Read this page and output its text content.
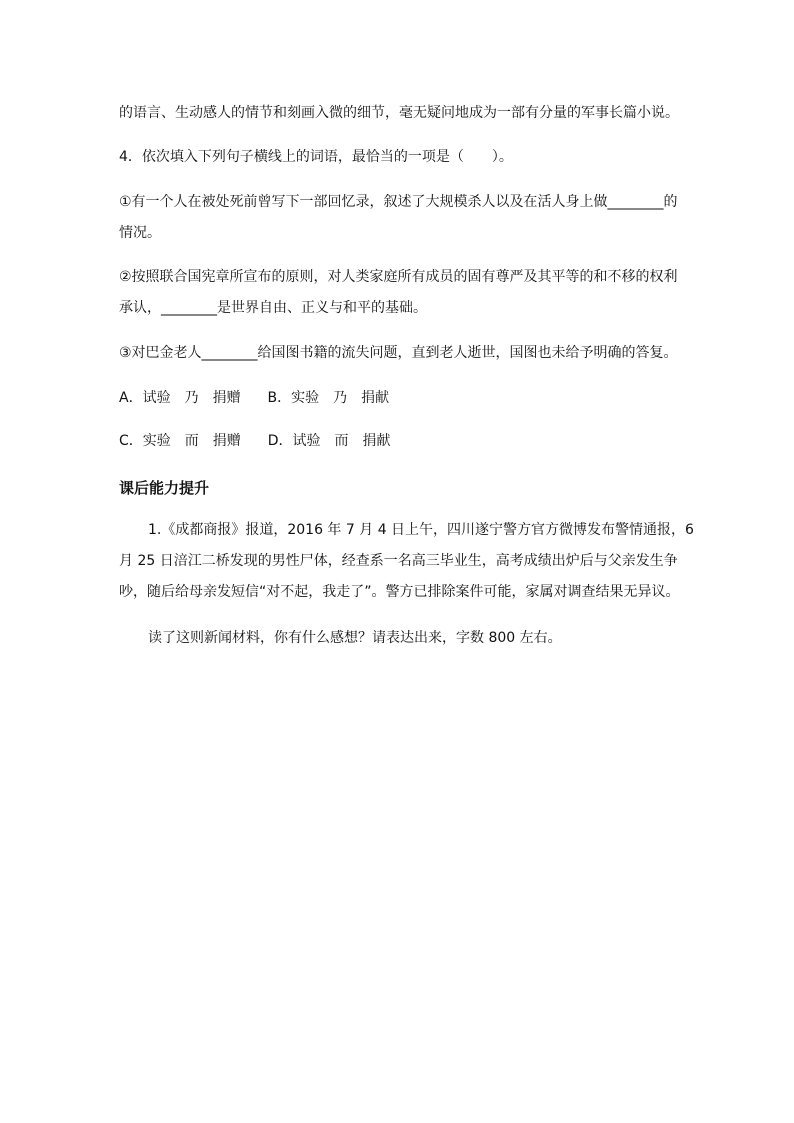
的语言、生动感人的情节和刻画入微的细节，毫无疑问地成为一部有分量的军事长篇小说。
4．依次填入下列句子横线上的词语，最恰当的一项是（　　）。
①有一个人在被处死前曾写下一部回忆录，叙述了大规模杀人以及在活人身上做________的
情况。
②按照联合国宪章所宣布的原则，对人类家庭所有成员的固有尊严及其平等的和不移的权利
承认，________是世界自由、正义与和平的基础。
③对巴金老人________给国图书籍的流失问题，直到老人逝世，国图也未给予明确的答复。
A．试验 乃 捐赠 B．实验 乃 捐献
C．实验 而 捐赠 D．试验 而 捐献
课后能力提升
1.《成都商报》报道，2016 年 7 月 4 日上午，四川遂宁警方官方微博发布警情通报，6
月 25 日涪江二桥发现的男性尸体，经查系一名高三毕业生，高考成绩出炉后与父亲发生争
吵，随后给母亲发短信“对不起，我走了”。警方已排除案件可能，家属对调查结果无异议。
读了这则新闻材料，你有什么感想？请表达出来，字数 800 左右。
